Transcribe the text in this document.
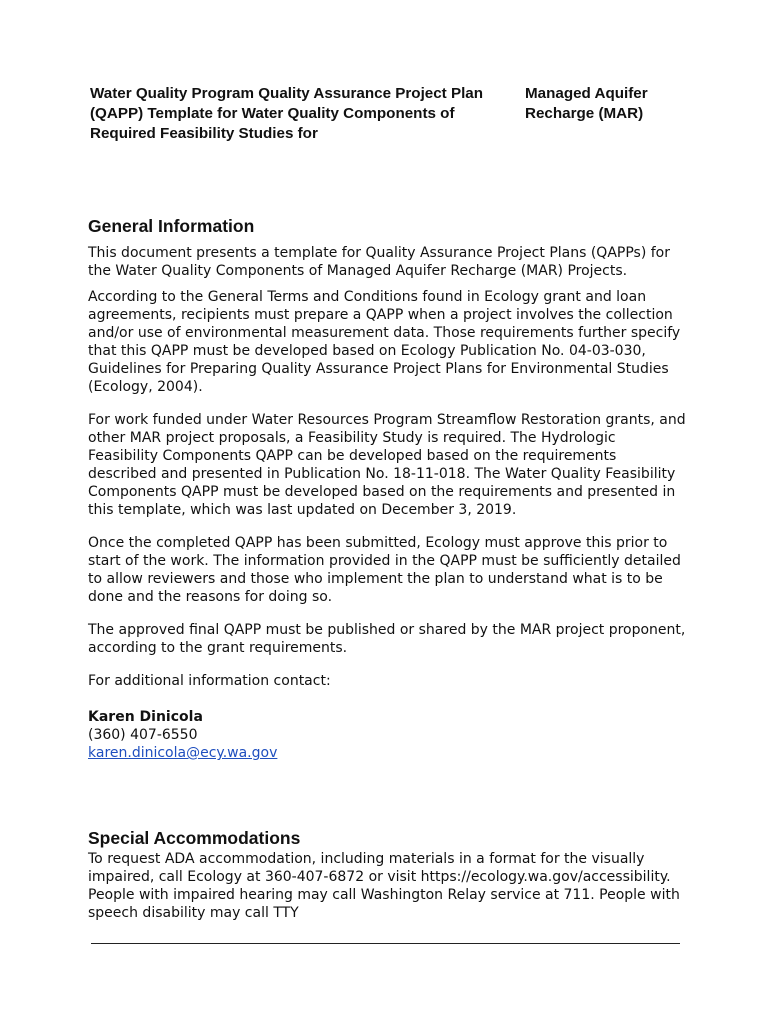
Water Quality Program Quality Assurance Project Plan (QAPP) Template for Water Quality Components of Required Feasibility Studies for
Managed Aquifer Recharge (MAR)
General Information

This document presents a template for Quality Assurance Project Plans (QAPPs) for the Water Quality Components of Managed Aquifer Recharge (MAR) Projects.

According to the General Terms and Conditions found in Ecology grant and loan agreements, recipients must prepare a QAPP when a project involves the collection and/or use of environmental measurement data. Those requirements further specify that this QAPP must be developed based on Ecology Publication No. 04-03-030, Guidelines for Preparing Quality Assurance Project Plans for Environmental Studies (Ecology, 2004).

For work funded under Water Resources Program Streamflow Restoration grants, and other MAR project proposals, a Feasibility Study is required. The Hydrologic Feasibility Components QAPP can be developed based on the requirements described and presented in Publication No. 18-11-018. The Water Quality Feasibility Components QAPP must be developed based on the requirements and presented in this template, which was last updated on December 3, 2019.

Once the completed QAPP has been submitted, Ecology must approve this prior to start of the work. The information provided in the QAPP must be sufficiently detailed to allow reviewers and those who implement the plan to understand what is to be done and the reasons for doing so.

The approved final QAPP must be published or shared by the MAR project proponent, according to the grant requirements.

For additional information contact:

Karen Dinicola
(360) 407-6550
karen.dinicola@ecy.wa.gov
Special Accommodations

To request ADA accommodation, including materials in a format for the visually impaired, call Ecology at 360-407-6872 or visit https://ecology.wa.gov/accessibility. People with impaired hearing may call Washington Relay service at 711. People with speech disability may call TTY
